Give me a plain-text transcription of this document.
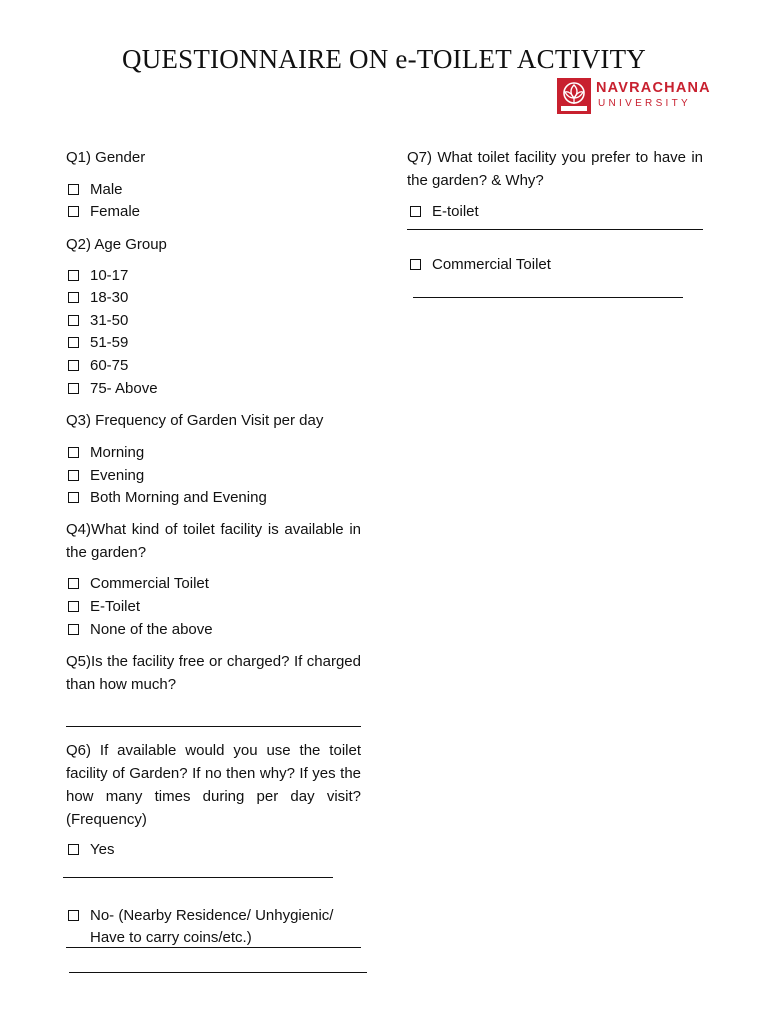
QUESTIONNAIRE ON e-TOILET ACTIVITY
NAVRACHANA
UNIVERSITY
Q1) Gender
Male
Female
Q2) Age Group
10-17
18-30
31-50
51-59
60-75
75- Above
Q3) Frequency of Garden Visit per day
Morning
Evening
Both Morning and Evening
Q4)What kind of toilet facility is available in the garden?
Commercial Toilet
E-Toilet
None of the above
Q5)Is the facility free or charged? If charged than how much?
Q6) If available would you use the toilet facility of Garden? If no then why? If yes the how many times during per day visit? (Frequency)
Yes
No- (Nearby Residence/ Unhygienic/
Have to carry coins/etc.)
Q7) What toilet facility you prefer to have in the garden? & Why?
E-toilet
Commercial Toilet
